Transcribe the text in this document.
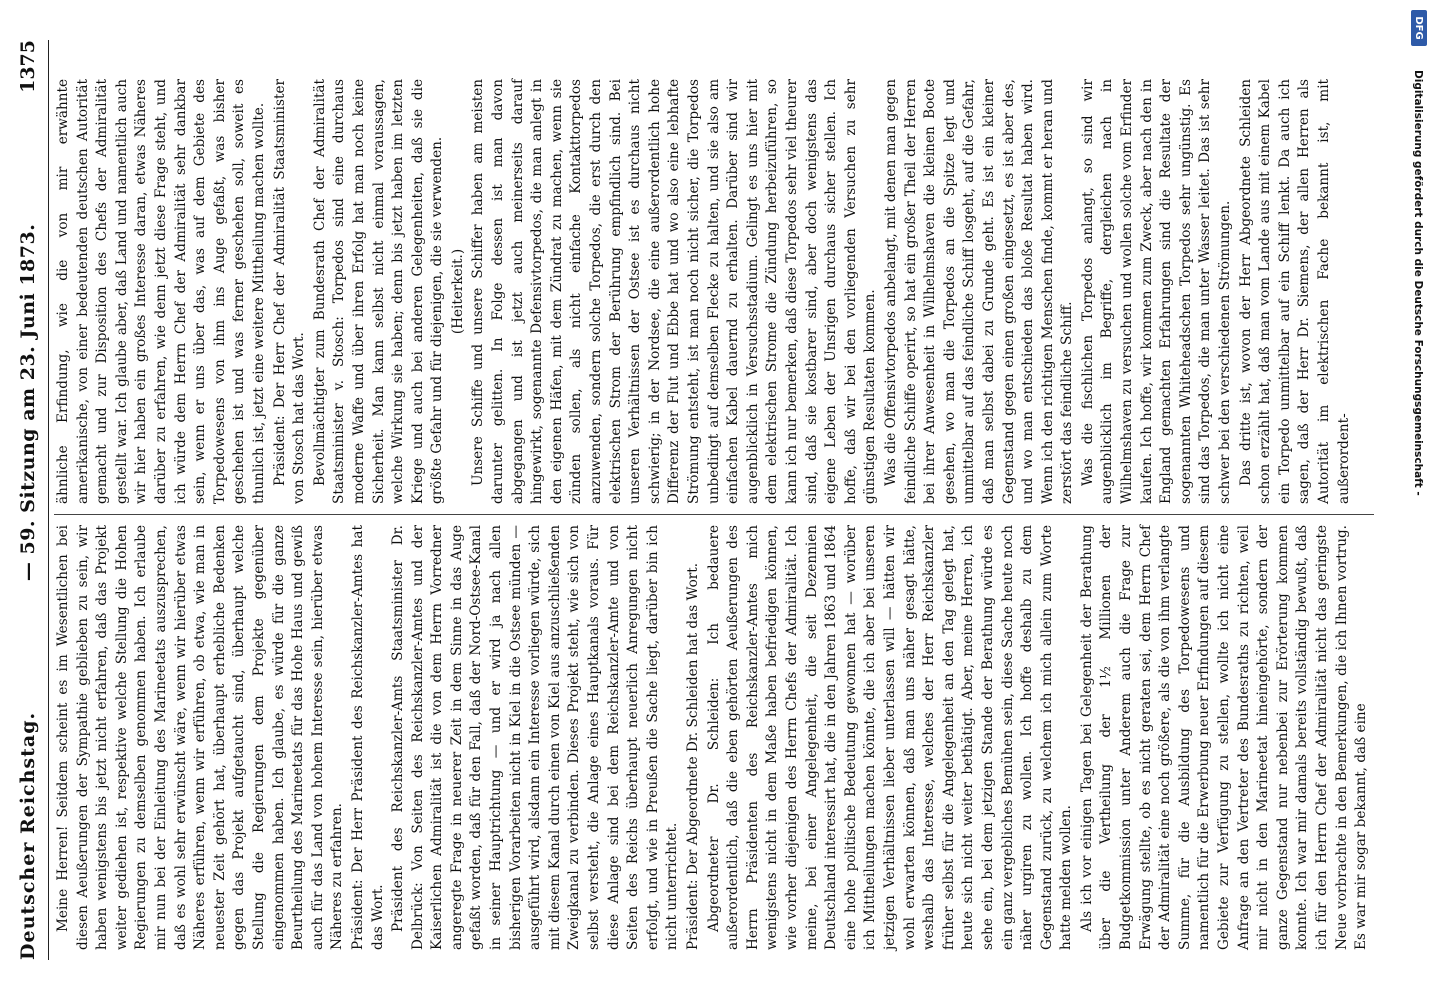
Deutscher Reichstag.
— 59. Sitzung am 23. Juni 1873.
1375

Meine Herren! Seitdem scheint es im Wesentlichen bei diesen Aeußerungen der Sympathie geblieben zu sein, wir haben wenigstens bis jetzt nicht erfahren, daß das Projekt weiter gediehen ist, respektive welche Stellung die Hohen Regierungen zu demselben genommen haben. Ich erlaube mir nun bei der Einleitung des Marineetats auszusprechen, daß es wohl sehr erwünscht wäre, wenn wir hierüber etwas Näheres erführen, wenn wir erführen, ob etwa, wie man in neuester Zeit gehört hat, überhaupt erhebliche Bedenken gegen das Projekt aufgetaucht sind, überhaupt welche Stellung die Regierungen dem Projekte gegenüber eingenommen haben. Ich glaube, es würde für die ganze Beurtheilung des Marineetats für das Hohe Haus und gewiß auch für das Land von hohem Interesse sein, hierüber etwas Näheres zu erfahren. Präsident: Der Herr Präsident des Reichskanzler-Amtes hat das Wort. Präsident des Reichskanzler-Amts Staatsminister Dr. Delbrück: Von Seiten des Reichskanzler-Amtes und der Kaiserlichen Admiralität ist die von dem Herrn Vorredner angeregte Frage in neuerer Zeit in dem Sinne in das Auge gefaßt worden, daß für den Fall, daß der Nord-Ostsee-Kanal in seiner Hauptrichtung — und er wird ja nach allen bisherigen Vorarbeiten nicht in Kiel in die Ostsee münden — ausgeführt wird, alsdann ein Interesse vorliegen würde, sich mit diesem Kanal durch einen von Kiel aus anzuschließenden Zweigkanal zu verbinden. Dieses Projekt steht, wie sich von selbst versteht, die Anlage eines Hauptkanals voraus. Für diese Anlage sind bei dem Reichskanzler-Amte und von Seiten des Reichs überhaupt neuerlich Anregungen nicht erfolgt, und wie in Preußen die Sache liegt, darüber bin ich nicht unterrichtet. Präsident: Der Abgeordnete Dr. Schleiden hat das Wort. Abgeordneter Dr. Schleiden: Ich bedauere außerordentlich, daß die eben gehörten Aeußerungen des Herrn Präsidenten des Reichskanzler-Amtes mich wenigstens nicht in dem Maße haben befriedigen können, wie vorher diejenigen des Herrn Chefs der Admiralität. Ich meine, bei einer Angelegenheit, die seit Dezennien Deutschland interessirt hat, die in den Jahren 1863 und 1864 eine hohe politische Bedeutung gewonnen hat — worüber ich Mittheilungen machen könnte, die ich aber bei unseren jetzigen Verhältnissen lieber unterlassen will — hätten wir wohl erwarten können, daß man uns näher gesagt hätte, weshalb das Interesse, welches der Herr Reichskanzler früher selbst für die Angelegenheit an den Tag gelegt hat, heute sich nicht weiter bethätigt. Aber, meine Herren, ich sehe ein, bei dem jetzigen Stande der Berathung würde es ein ganz vergebliches Bemühen sein, diese Sache heute noch näher urgiren zu wollen. Ich hoffe deshalb zu dem Gegenstand zurück, zu welchem ich mich allein zum Worte hatte melden wollen. Als ich vor einigen Tagen bei Gelegenheit der Berathung über die Vertheilung der 1½ Millionen der Budgetkommission unter Anderem auch die Frage zur Erwägung stellte, ob es nicht geraten sei, dem Herrn Chef der Admiralität eine noch größere, als die von ihm verlangte Summe, für die Ausbildung des Torpedowesens und namentlich für die Erwerbung neuer Erfindungen auf diesem Gebiete zur Verfügung zu stellen, wollte ich nicht eine Anfrage an den Vertreter des Bundesraths zu richten, weil mir nicht in den Marineetat hineingehörte, sondern der ganze Gegenstand nur nebenbei zur Erörterung kommen konnte. Ich war mir damals bereits vollständig bewußt, daß ich für den Herrn Chef der Admiralität nicht das geringste Neue vorbrachte in den Bemerkungen, die ich Ihnen vortrug. Es war mir sogar bekannt, daß eine

ähnliche Erfindung, wie die von mir erwähnte amerikanische, von einer bedeutenden deutschen Autorität gemacht und zur Disposition des Chefs der Admiralität gestellt war. Ich glaube aber, daß Land und namentlich auch wir hier haben ein großes Interesse daran, etwas Näheres darüber zu erfahren, wie denn jetzt diese Frage steht, und ich würde dem Herrn Chef der Admiralität sehr dankbar sein, wenn er uns über das, was auf dem Gebiete des Torpedowesens von ihm ins Auge gefaßt, was bisher geschehen ist und was ferner geschehen soll, soweit es thunlich ist, jetzt eine weitere Mittheilung machen wollte. Präsident: Der Herr Chef der Admiralität Staatsminister von Stosch hat das Wort. Bevollmächtigter zum Bundesrath Chef der Admiralität Staatsminister v. Stosch: Torpedos sind eine durchaus moderne Waffe und über ihren Erfolg hat man noch keine Sicherheit. Man kann selbst nicht einmal voraussagen, welche Wirkung sie haben; denn bis jetzt haben im letzten Kriege und auch bei anderen Gelegenheiten, daß sie die größte Gefahr und für diejenigen, die sie verwenden. (Heiterkeit.) Unsere Schiffe und unsere Schiffer haben am meisten darunter gelitten. In Folge dessen ist man davon abgegangen und ist jetzt auch meinerseits darauf hingewirkt, sogenannte Defensivtorpedos, die man anlegt in den eigenen Häfen, mit dem Zündrat zu machen, wenn sie zünden sollen, als nicht einfache Kontakttorpedos anzuwenden, sondern solche Torpedos, die erst durch den elektrischen Strom der Berührung empfindlich sind. Bei unseren Verhältnissen der Ostsee ist es durchaus nicht schwierig; in der Nordsee, die eine außerordentlich hohe Differenz der Flut und Ebbe hat und wo also eine lebhafte Strömung entsteht, ist man noch nicht sicher, die Torpedos unbedingt auf demselben Flecke zu halten, und sie also am einfachen Kabel dauernd zu erhalten. Darüber sind wir augenblicklich in Versuchsstadium. Gelingt es uns hier mit dem elektrischen Strome die Zündung herbeizuführen, so kann ich nur bemerken, daß diese Torpedos sehr viel theurer sind, daß sie kostbarer sind, aber doch wenigstens das eigene Leben der Unsrigen durchaus sicher stellen. Ich hoffe, daß wir bei den vorliegenden Versuchen zu sehr günstigen Resultaten kommen. Was die Offensivtorpedos anbelangt, mit denen man gegen feindliche Schiffe operirt, so hat ein großer Theil der Herren bei ihrer Anwesenheit in Wilhelmshaven die kleinen Boote gesehen, wo man die Torpedos an die Spitze legt und unmittelbar auf das feindliche Schiff losgeht, auf die Gefahr, daß man selbst dabei zu Grunde geht. Es ist ein kleiner Gegenstand gegen einen großen eingesetzt, es ist aber des, und wo man entschieden das bloße Resultat haben wird. Wenn ich den richtigen Menschen finde, kommt er heran und zerstört das feindliche Schiff. Was die fischlichen Torpedos anlangt, so sind wir augenblicklich im Begriffe, dergleichen nach in Wilhelmshaven zu versuchen und wollen solche vom Erfinder kaufen. Ich hoffe, wir kommen zum Zweck, aber nach den in England gemachten Erfahrungen sind die Resultate der sogenannten Whiteheadschen Torpedos sehr ungünstig. Es sind das Torpedos, die man unter Wasser leitet. Das ist sehr schwer bei den verschiedenen Strömungen. Das dritte ist, wovon der Herr Abgeordnete Schleiden schon erzählt hat, daß man vom Lande aus mit einem Kabel ein Torpedo unmittelbar auf ein Schiff lenkt. Da auch ich sagen, daß der Herr Dr. Siemens, der allen Herren als Autorität im elektrischen Fache bekannt ist, mit außerordent-	Digitalisierung gefördert durch die Deutsche Forschungsgemeinschaft -
DFG
